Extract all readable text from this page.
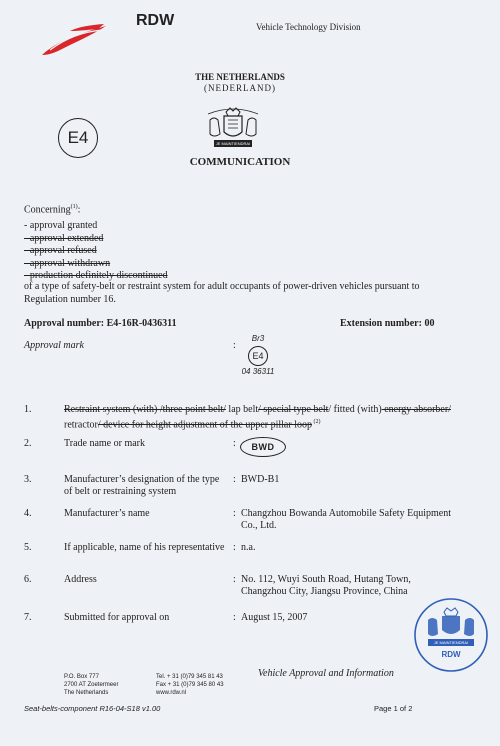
RDW	Vehicle Technology Division
THE NETHERLANDS
(NEDERLAND)
E4	JE MAINTIENDRAI
COMMUNICATION
Concerning$^{(1)}$:
- approval granted
- approval extended
- approval refused
- approval withdrawn
- production definitely discontinued
of a type of safety-belt or restraint system for adult occupants of power-driven vehicles pursuant to Regulation number 16.
Approval number: E4-16R-0436311	Extension number: 00
Approval mark	:
Br3
E4
04 36311
1.	Restraint system (with) /three point belt/ lap belt/ special type belt/ fitted (with) energy absorber/
retractor/ device for height adjustment of the upper pillar loop $^{(2)}$
2.	Trade name or mark	: BWD
3.	Manufacturer’s designation of the type of belt or restraining system
: BWD-B1
4.	Manufacturer’s name	: Changzhou Bowanda Automobile Safety Equipment Co., Ltd.
5.	If applicable, name of his representative : n.a.
6.	Address	: No. 112, Wuyi South Road, Hutang Town, Changzhou City, Jiangsu Province, China
7.	Submitted for approval on	: August 15, 2007
JE MAINTIENDRAI
RDW
P.O. Box 777
2700 AT Zoetermeer
The Netherlands
Tel. + 31 (0)79 345 81 43
Fax + 31 (0)79 345 80 43
www.rdw.nl
Vehicle Approval and Information
Seat-belts-component R16-04-S18 v1.00	Page 1 of 2
